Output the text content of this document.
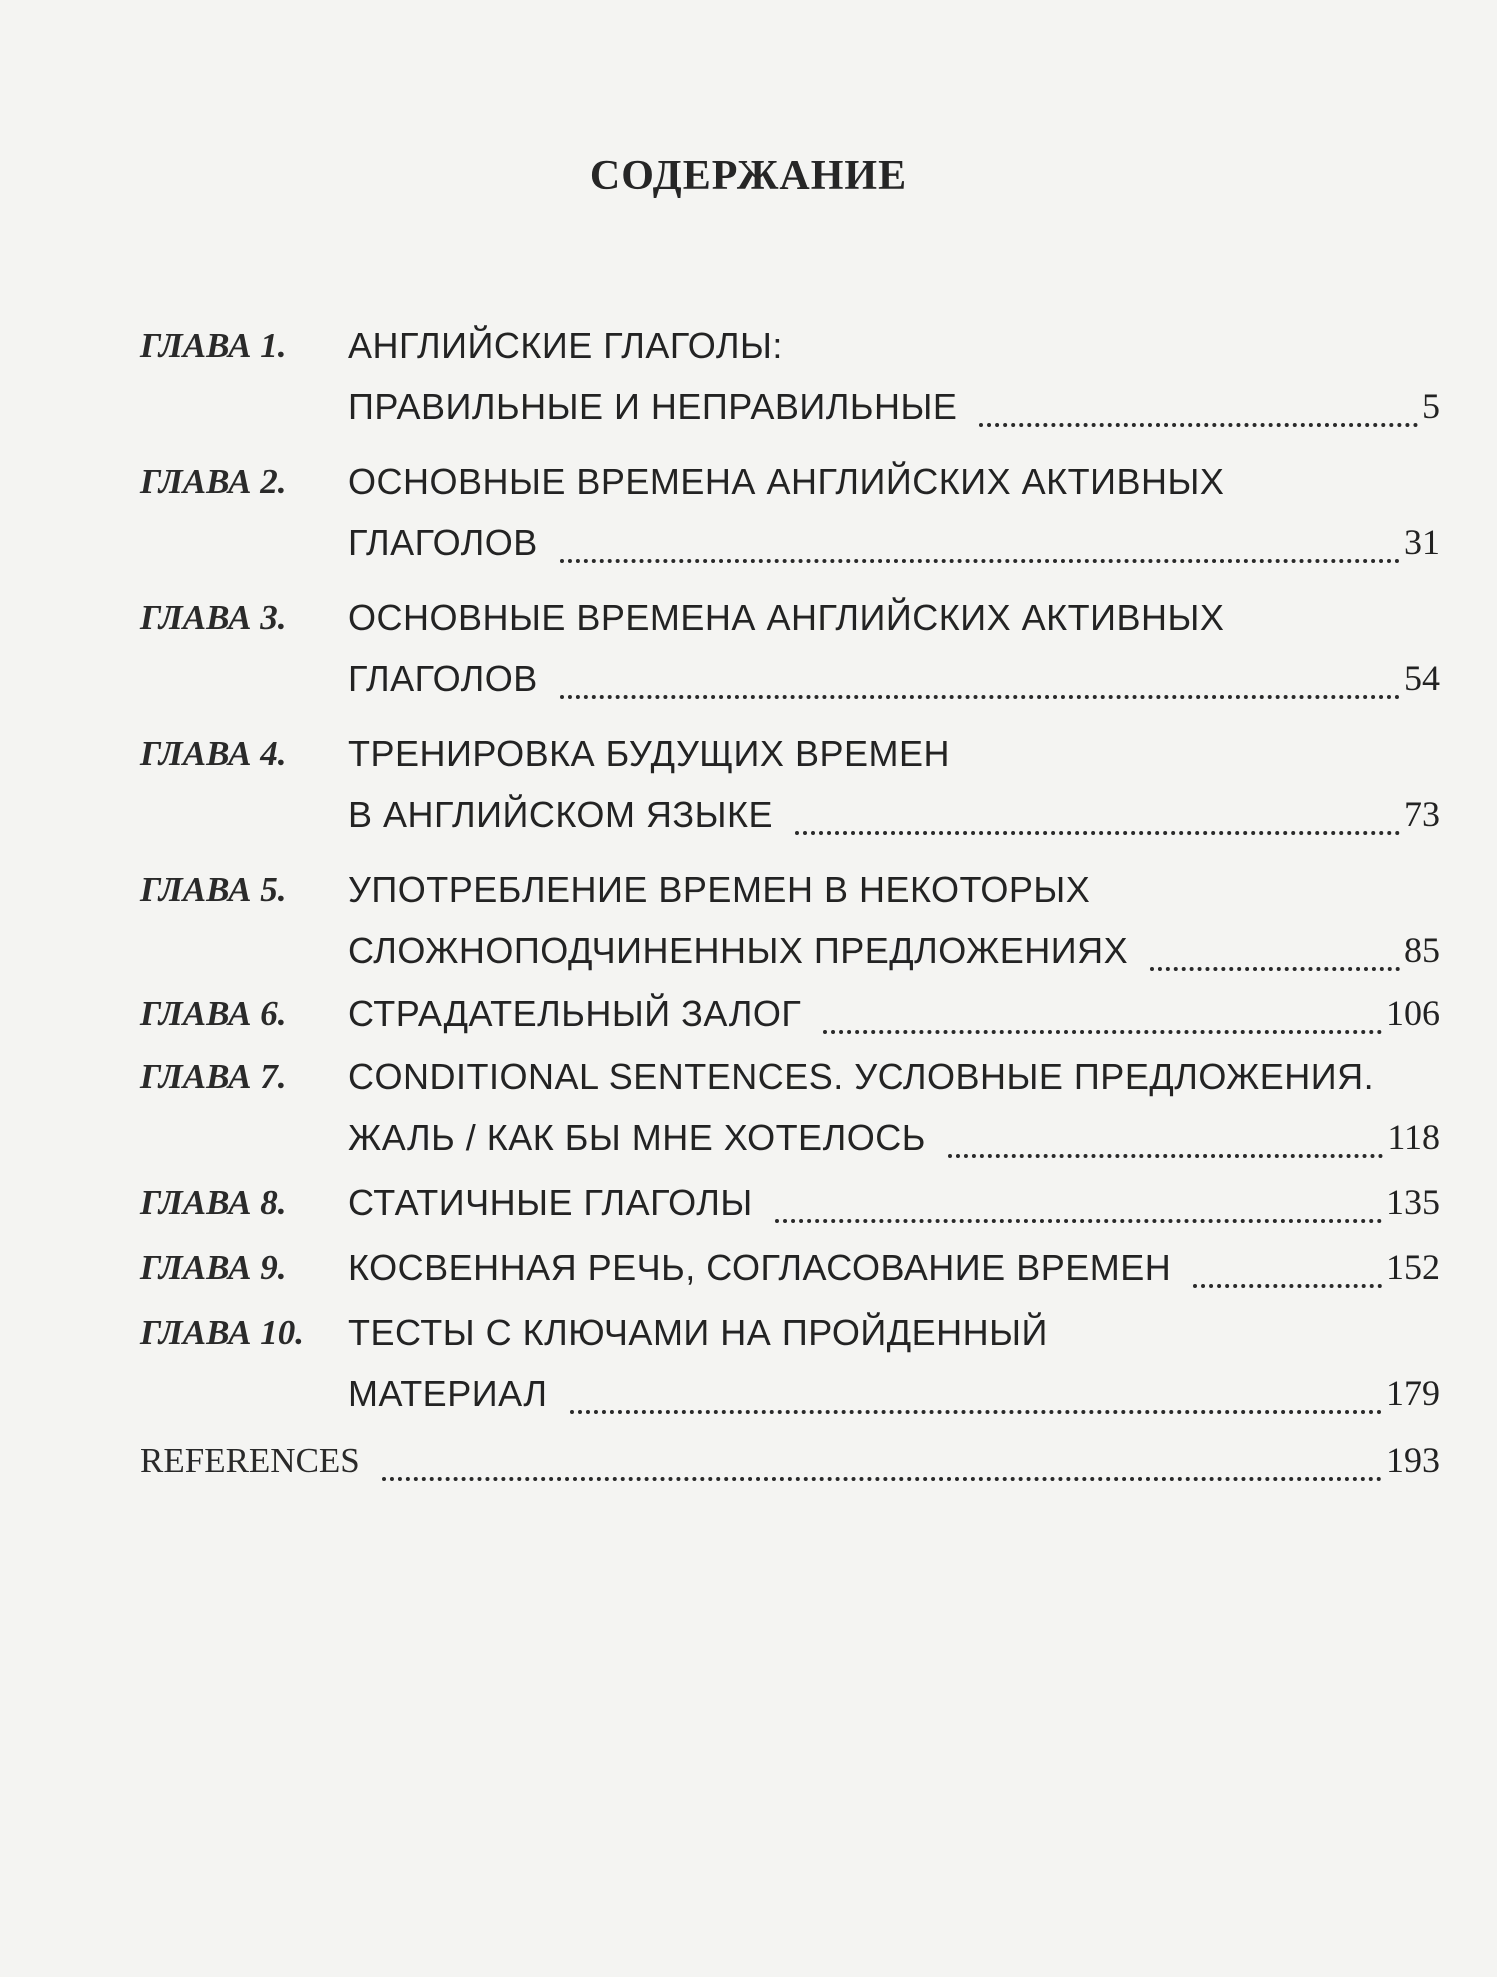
СОДЕРЖАНИЕ
ГЛАВА 1. АНГЛИЙСКИЕ ГЛАГОЛЫ:
ПРАВИЛЬНЫЕ И НЕПРАВИЛЬНЫЕ	5
ГЛАВА 2. ОСНОВНЫЕ ВРЕМЕНА АНГЛИЙСКИХ АКТИВНЫХ
ГЛАГОЛОВ	31
ГЛАВА 3. ОСНОВНЫЕ ВРЕМЕНА АНГЛИЙСКИХ АКТИВНЫХ
ГЛАГОЛОВ	54
ГЛАВА 4. ТРЕНИРОВКА БУДУЩИХ ВРЕМЕН
В АНГЛИЙСКОМ ЯЗЫКЕ	73
ГЛАВА 5. УПОТРЕБЛЕНИЕ ВРЕМЕН В НЕКОТОРЫХ
СЛОЖНОПОДЧИНЕННЫХ ПРЕДЛОЖЕНИЯХ	85
ГЛАВА 6. СТРАДАТЕЛЬНЫЙ ЗАЛОГ	106
ГЛАВА 7. CONDITIONAL SENTENCES. УСЛОВНЫЕ ПРЕДЛОЖЕНИЯ.
ЖАЛЬ / КАК БЫ МНЕ ХОТЕЛОСЬ	118
ГЛАВА 8. СТАТИЧНЫЕ ГЛАГОЛЫ	135
ГЛАВА 9. КОСВЕННАЯ РЕЧЬ, СОГЛАСОВАНИЕ ВРЕМЕН	152
ГЛАВА 10. ТЕСТЫ С КЛЮЧАМИ НА ПРОЙДЕННЫЙ
МАТЕРИАЛ	179
REFERENCES	193
